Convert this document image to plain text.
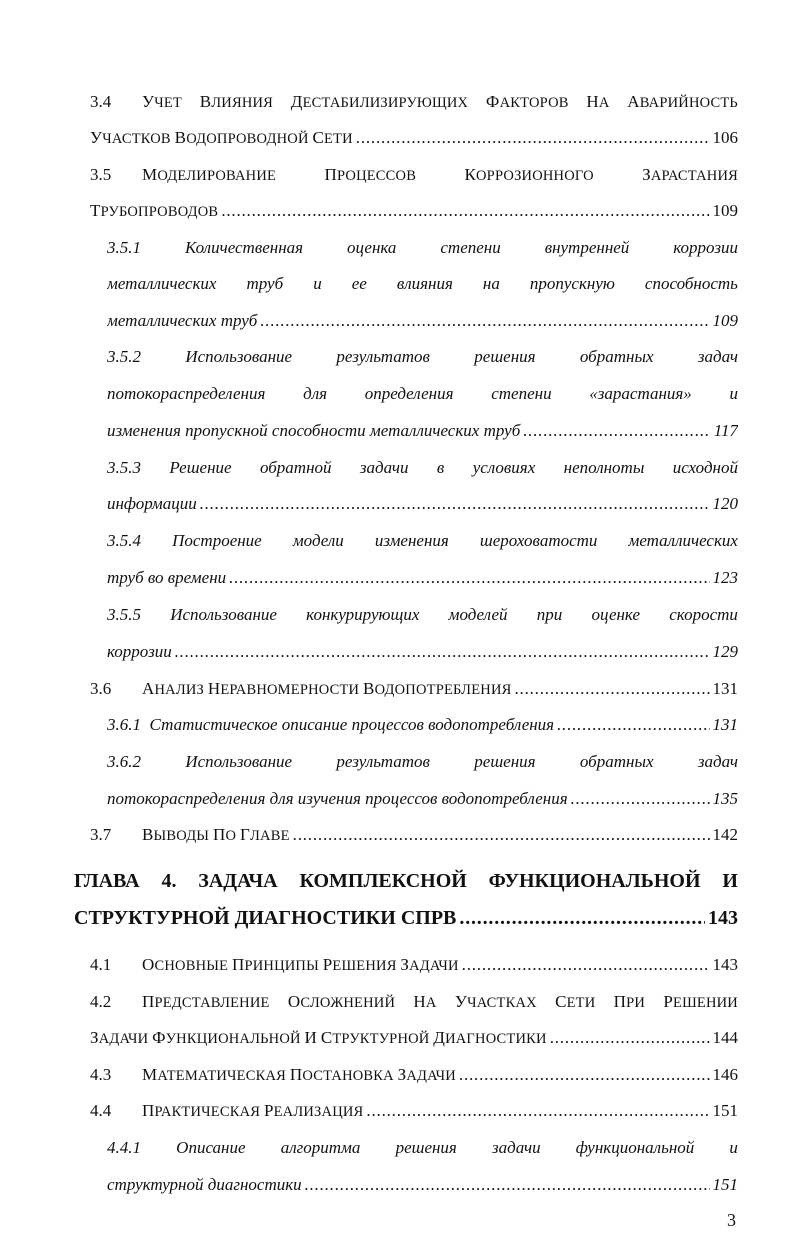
3.4	УЧЕТ ВЛИЯНИЯ ДЕСТАБИЛИЗИРУЮЩИХ ФАКТОРОВ НА АВАРИЙНОСТЬ
УЧАСТКОВ ВОДОПРОВОДНОЙ СЕТИ .....	106
3.5	МОДЕЛИРОВАНИЕ	ПРОЦЕССОВ	КОРРОЗИОННОГО	ЗАРАСТАНИЯ
ТРУБОПРОВОДОВ .....	109
3.5.1	Количественная	оценка	степени	внутренней	коррозии
металлических труб и ее влияния на пропускную способность
металлических труб .....	109
3.5.2	Использование	результатов	решения	обратных	задач
потокораспределения для определения степени «зарастания» и
изменения пропускной способности металлических труб .....	117
3.5.3 Решение обратной задачи в условиях неполноты исходной
информации .....	120
3.5.4 Построение модели изменения шероховатости металлических
труб во времени .....	123
3.5.5 Использование конкурирующих моделей при оценке скорости
коррозии .....	129
3.6	АНАЛИЗ НЕРАВНОМЕРНОСТИ ВОДОПОТРЕБЛЕНИЯ .....	131
3.6.1  Статистическое описание процессов водопотребления .....	131
3.6.2	Использование	результатов	решения	обратных	задач
потокораспределения для изучения процессов водопотребления .....	135
3.7	ВЫВОДЫ ПО ГЛАВЕ .....	142
ГЛАВА 4. ЗАДАЧА КОМПЛЕКСНОЙ ФУНКЦИОНАЛЬНОЙ И
СТРУКТУРНОЙ ДИАГНОСТИКИ СПРВ .....	143
4.1	ОСНОВНЫЕ ПРИНЦИПЫ РЕШЕНИЯ ЗАДАЧИ .....	143
4.2	ПРЕДСТАВЛЕНИЕ ОСЛОЖНЕНИЙ НА УЧАСТКАХ СЕТИ ПРИ РЕШЕНИИ
ЗАДАЧИ ФУНКЦИОНАЛЬНОЙ И СТРУКТУРНОЙ ДИАГНОСТИКИ .....	144
4.3	МАТЕМАТИЧЕСКАЯ ПОСТАНОВКА ЗАДАЧИ .....	146
4.4	ПРАКТИЧЕСКАЯ РЕАЛИЗАЦИЯ .....	151
4.4.1 Описание алгоритма решения задачи функциональной и
структурной диагностики .....	151
3
